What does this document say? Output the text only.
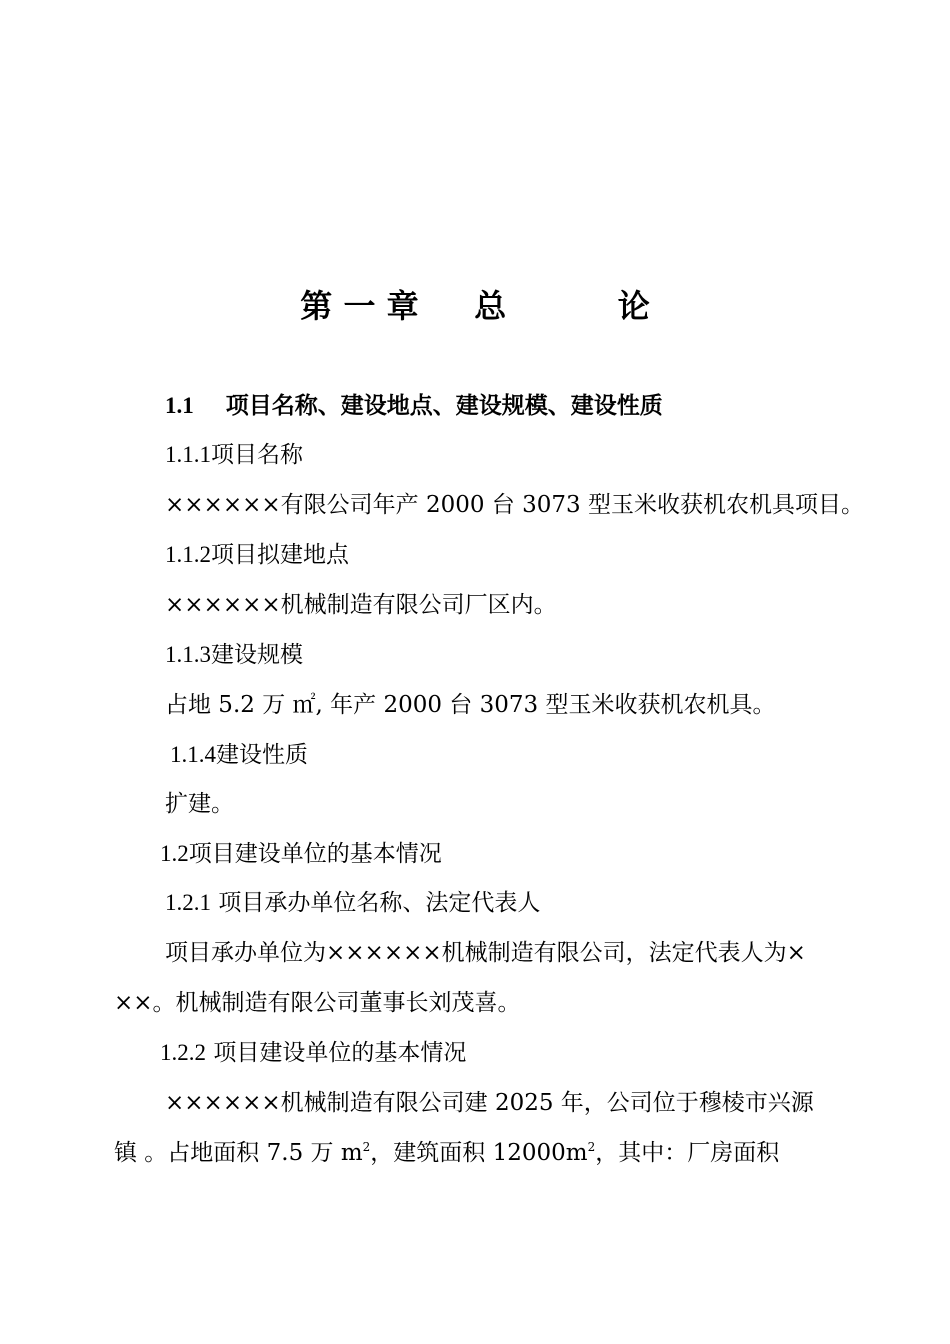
第 一 章     总          论
1.1 项目名称、建设地点、建设规模、建设性质
1.1.1项目名称
××××××有限公司年产 2000 台 3073 型玉米收获机农机具项目。
1.1.2项目拟建地点
××××××机械制造有限公司厂区内。
1.1.3建设规模
占地 5.2 万 ㎡, 年产 2000 台 3073 型玉米收获机农机具。
1.1.4建设性质
扩建。
1.2项目建设单位的基本情况
1.2.1 项目承办单位名称、法定代表人
项目承办单位为××××××机械制造有限公司，法定代表人为×
××。机械制造有限公司董事长刘茂喜。
1.2.2 项目建设单位的基本情况
××××××机械制造有限公司建 2025 年，公司位于穆棱市兴源
镇 。占地面积 7.5 万 $m^2$，建筑面积 $12000m^2$，其中：厂房面积
